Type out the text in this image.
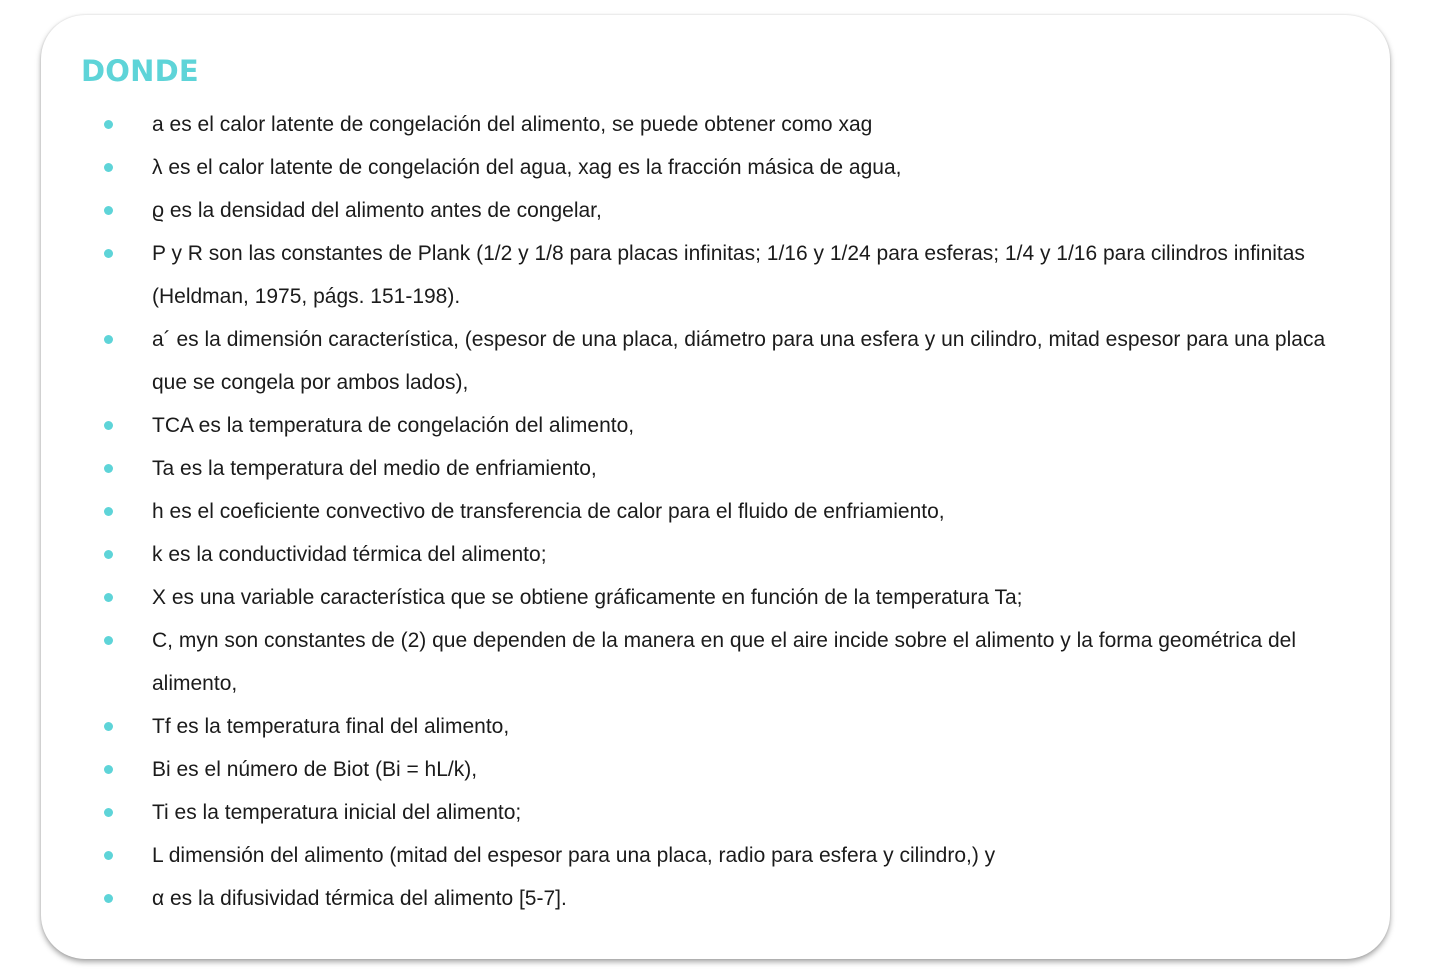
DONDE
a es el calor latente de congelación del alimento, se puede obtener como xag
λ es el calor latente de congelación del agua, xag es la fracción másica de agua,
ϱ es la densidad del alimento antes de congelar,
P y R son las constantes de Plank (1/2 y 1/8 para placas infinitas; 1/16 y 1/24 para esferas; 1/4 y 1/16 para cilindros infinitas (Heldman, 1975, págs. 151-198).
a´ es la dimensión característica, (espesor de una placa, diámetro para una esfera y un cilindro, mitad espesor para una placa que se congela por ambos lados),
TCA es la temperatura de congelación del alimento,
Ta es la temperatura del medio de enfriamiento,
h es el coeficiente convectivo de transferencia de calor para el fluido de enfriamiento,
k es la conductividad térmica del alimento;
X es una variable característica que se obtiene gráficamente en función de la temperatura Ta;
C, myn son constantes de (2) que dependen de la manera en que el aire incide sobre el alimento y la forma geométrica del alimento,
Tf es la temperatura final del alimento,
Bi es el número de Biot (Bi = hL/k),
Ti es la temperatura inicial del alimento;
L dimensión del alimento (mitad del espesor para una placa, radio para esfera y cilindro,) y
α es la difusividad térmica del alimento [5-7].
